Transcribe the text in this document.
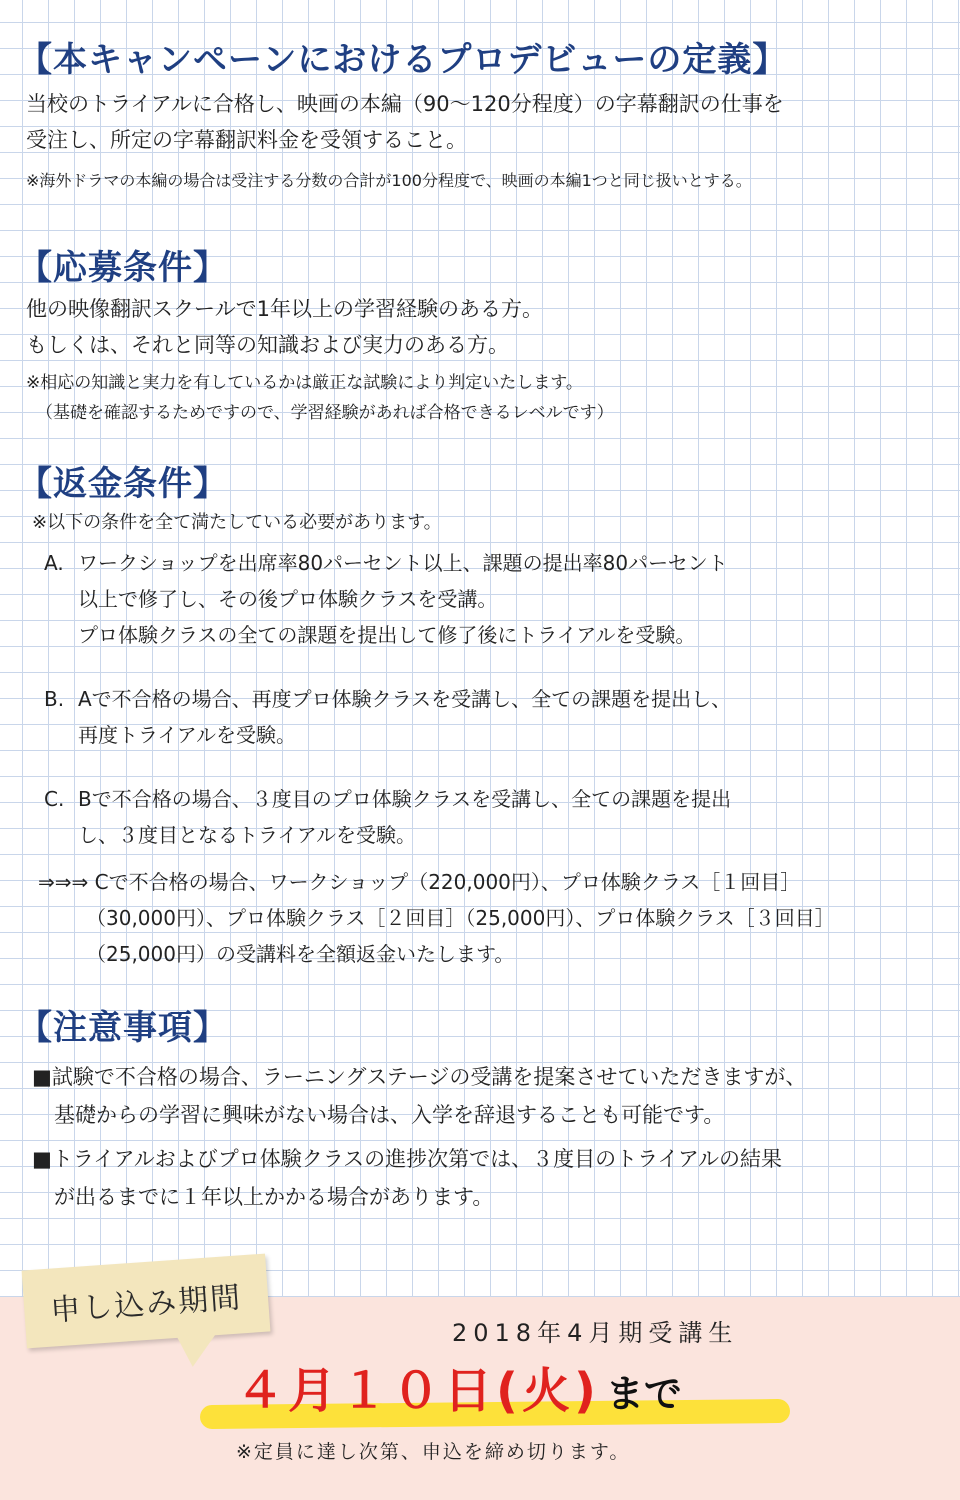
【本キャンペーンにおけるプロデビューの定義】

当校のトライアルに合格し、映画の本編（90～120分程度）の字幕翻訳の仕事を
受注し、所定の字幕翻訳料金を受領すること。

※海外ドラマの本編の場合は受注する分数の合計が100分程度で、映画の本編1つと同じ扱いとする。

【応募条件】

他の映像翻訳スクールで1年以上の学習経験のある方。
もしくは、それと同等の知識および実力のある方。

※相応の知識と実力を有しているかは厳正な試験により判定いたします。
（基礎を確認するためですので、学習経験があれば合格できるレベルです）

【返金条件】

※以下の条件を全て満たしている必要があります。

A. ワークショップを出席率80パーセント以上、課題の提出率80パーセント
以上で修了し、その後プロ体験クラスを受講。
プロ体験クラスの全ての課題を提出して修了後にトライアルを受験。

B. Aで不合格の場合、再度プロ体験クラスを受講し、全ての課題を提出し、
再度トライアルを受験。

C. Bで不合格の場合、３度目のプロ体験クラスを受講し、全ての課題を提出
し、３度目となるトライアルを受験。

⇒⇒⇒ Cで不合格の場合、ワークショップ（220,000円）、プロ体験クラス［１回目］
（30,000円）、プロ体験クラス［２回目］（25,000円）、プロ体験クラス［３回目］
（25,000円）の受講料を全額返金いたします。

【注意事項】

■試験で不合格の場合、ラーニングステージの受講を提案させていただきますが、
基礎からの学習に興味がない場合は、入学を辞退することも可能です。

■トライアルおよびプロ体験クラスの進捗次第では、３度目のトライアルの結果
が出るまでに１年以上かかる場合があります。

申し込み期間
2018年4月期受講生
４月１０日(火) まで
※定員に達し次第、申込を締め切ります。
